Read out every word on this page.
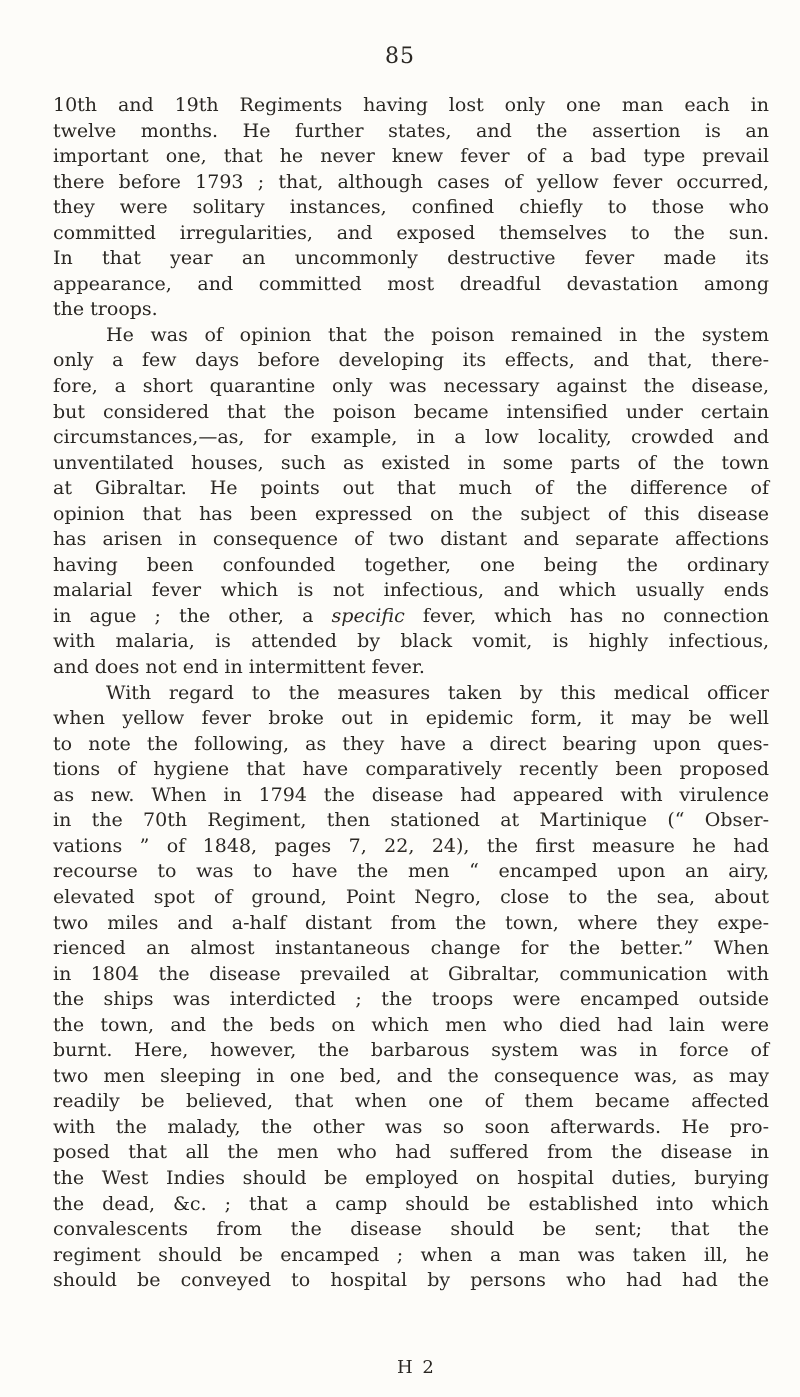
85
10th and 19th Regiments having lost only one man each in
twelve months. He further states, and the assertion is an
important one, that he never knew fever of a bad type prevail
there before 1793 ; that, although cases of yellow fever occurred,
they were solitary instances, confined chiefly to those who
committed irregularities, and exposed themselves to the sun.
In that year an uncommonly destructive fever made its
appearance, and committed most dreadful devastation among
the troops.
He was of opinion that the poison remained in the system
only a few days before developing its effects, and that, there-
fore, a short quarantine only was necessary against the disease,
but considered that the poison became intensified under certain
circumstances,—as, for example, in a low locality, crowded and
unventilated houses, such as existed in some parts of the town
at Gibraltar. He points out that much of the difference of
opinion that has been expressed on the subject of this disease
has arisen in consequence of two distant and separate affections
having been confounded together, one being the ordinary
malarial fever which is not infectious, and which usually ends
in ague ; the other, a specific fever, which has no connection
with malaria, is attended by black vomit, is highly infectious,
and does not end in intermittent fever.
With regard to the measures taken by this medical officer
when yellow fever broke out in epidemic form, it may be well
to note the following, as they have a direct bearing upon ques-
tions of hygiene that have comparatively recently been proposed
as new. When in 1794 the disease had appeared with virulence
in the 70th Regiment, then stationed at Martinique (“ Obser-
vations ” of 1848, pages 7, 22, 24), the first measure he had
recourse to was to have the men “ encamped upon an airy,
elevated spot of ground, Point Negro, close to the sea, about
two miles and a-half distant from the town, where they expe-
rienced an almost instantaneous change for the better.” When
in 1804 the disease prevailed at Gibraltar, communication with
the ships was interdicted ; the troops were encamped outside
the town, and the beds on which men who died had lain were
burnt. Here, however, the barbarous system was in force of
two men sleeping in one bed, and the consequence was, as may
readily be believed, that when one of them became affected
with the malady, the other was so soon afterwards. He pro-
posed that all the men who had suffered from the disease in
the West Indies should be employed on hospital duties, burying
the dead, &c. ; that a camp should be established into which
convalescents from the disease should be sent; that the
regiment should be encamped ; when a man was taken ill, he
should be conveyed to hospital by persons who had had the
H 2
